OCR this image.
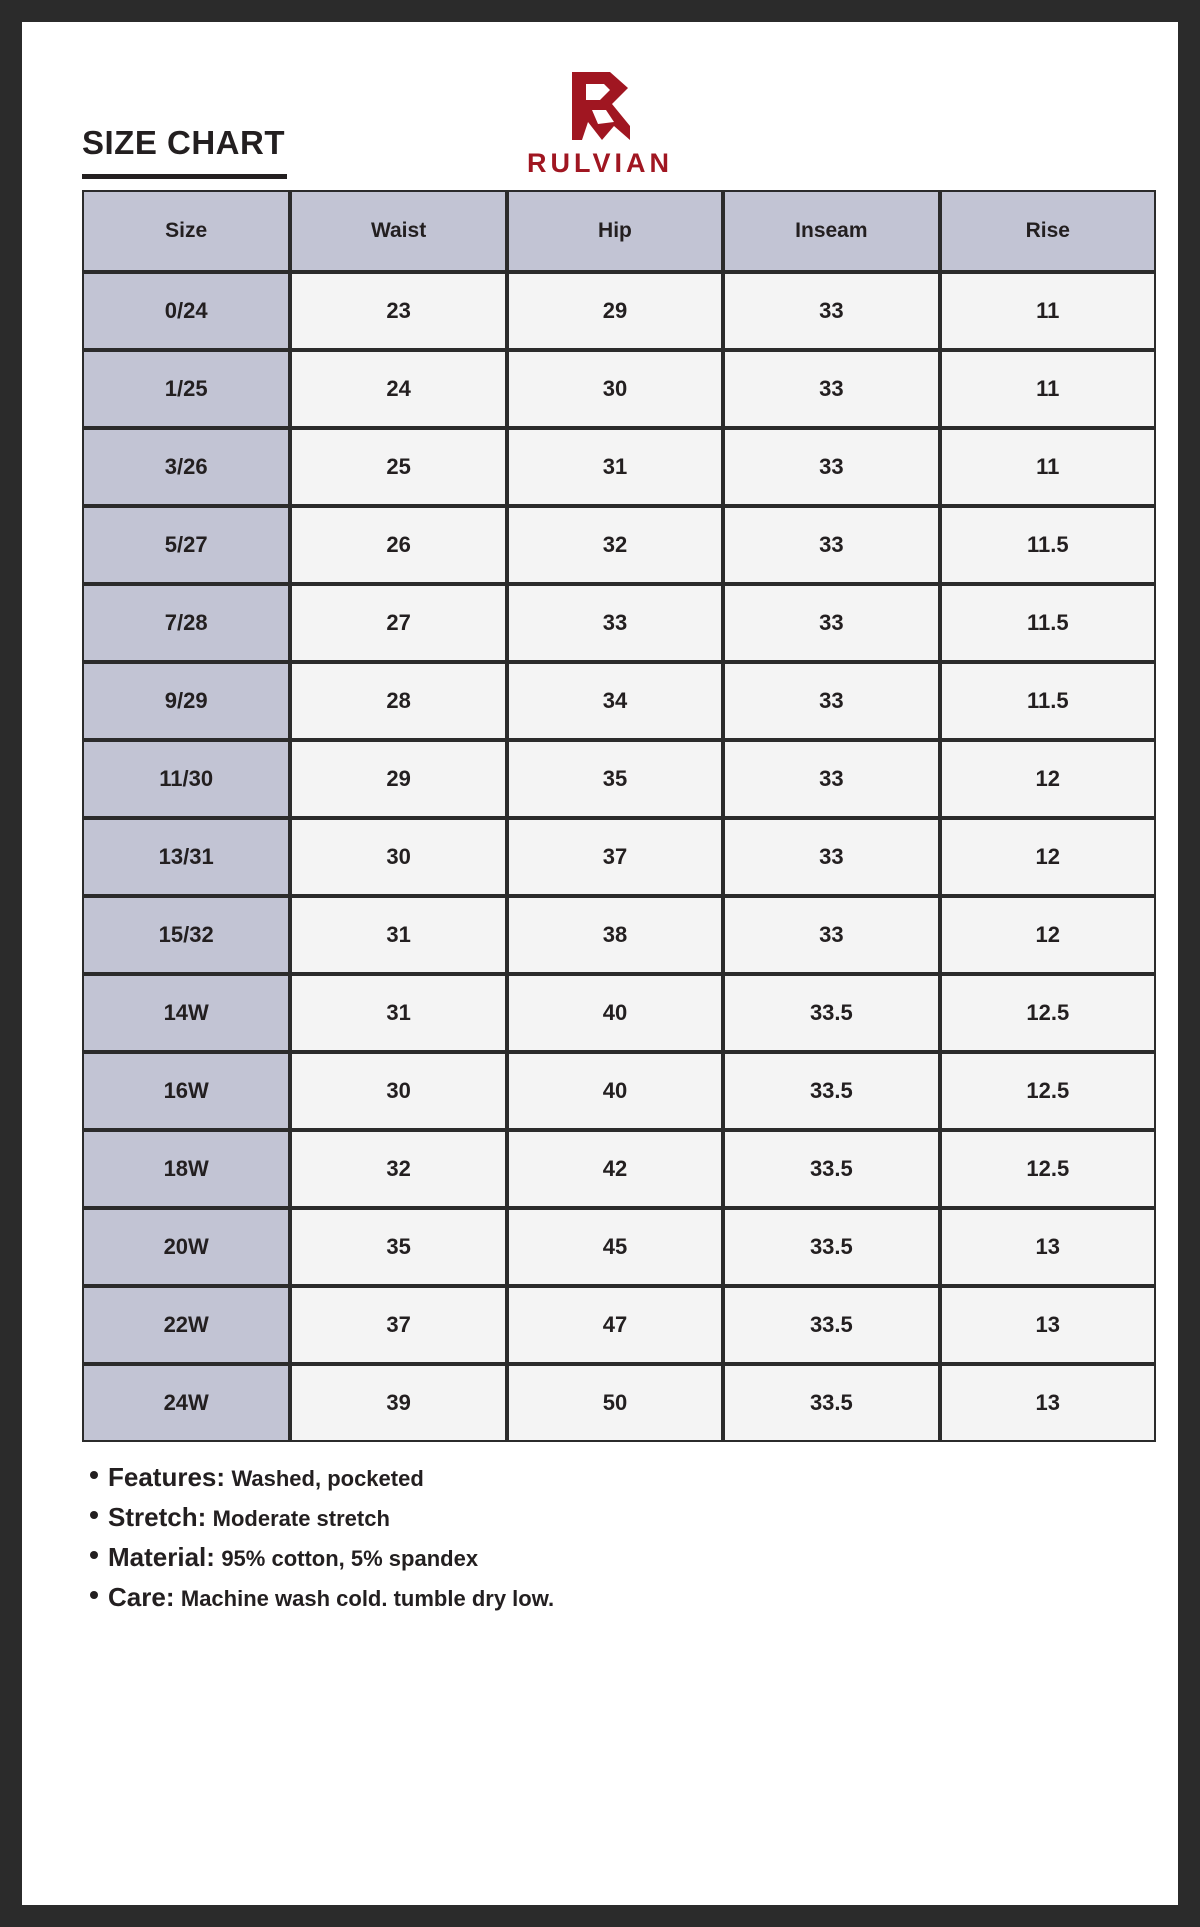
SIZE CHART
RULVIAN
Size	Waist	Hip	Inseam	Rise
0/24	23	29	33	11
1/25	24	30	33	11
3/26	25	31	33	11
5/27	26	32	33	11.5
7/28	27	33	33	11.5
9/29	28	34	33	11.5
11/30	29	35	33	12
13/31	30	37	33	12
15/32	31	38	33	12
14W	31	40	33.5	12.5
16W	30	40	33.5	12.5
18W	32	42	33.5	12.5
20W	35	45	33.5	13
22W	37	47	33.5	13
24W	39	50	33.5	13
Features: Washed, pocketed
Stretch: Moderate stretch
Material: 95% cotton, 5% spandex
Care: Machine wash cold. tumble dry low.
